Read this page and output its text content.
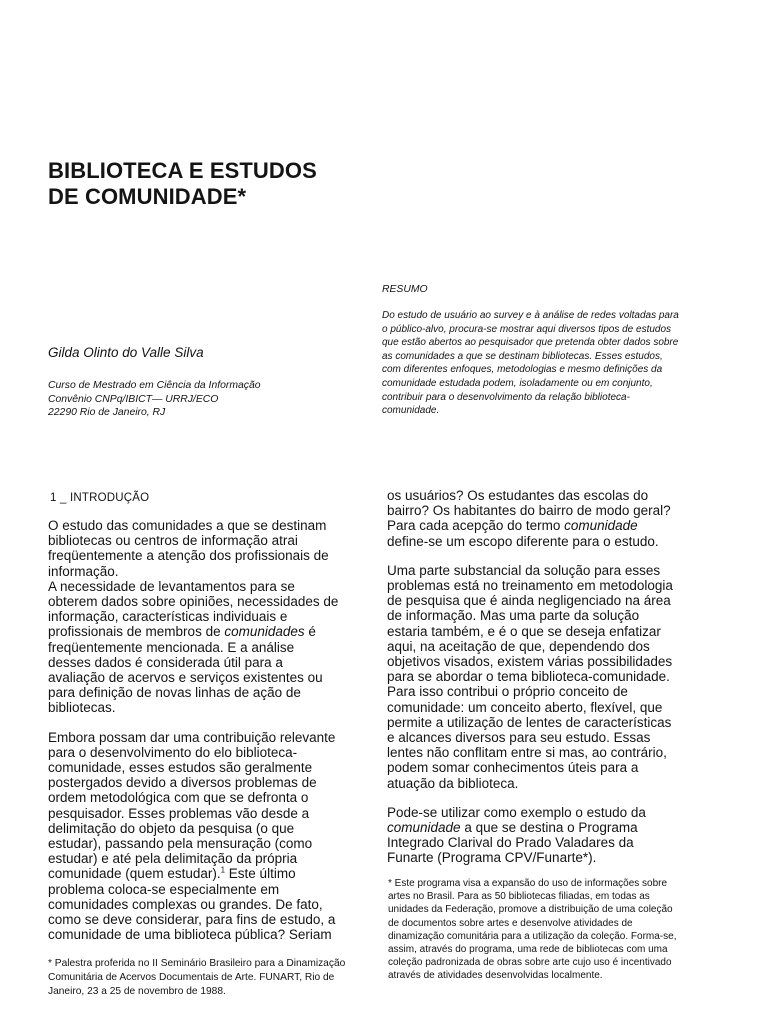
BIBLIOTECA E ESTUDOS
DE COMUNIDADE*
Gilda Olinto do Valle Silva
Curso de Mestrado em Ciência da Informação
Convênio CNPq/IBICT— URRJ/ECO
22290 Rio de Janeiro, RJ
RESUMO
Do estudo de usuário ao survey e à análise de redes voltadas para o público-alvo, procura-se mostrar aqui diversos tipos de estudos que estão abertos ao pesquisador que pretenda obter dados sobre as comunidades a que se destinam bibliotecas. Esses estudos, com diferentes enfoques, metodologias e mesmo definições da comunidade estudada podem, isoladamente ou em conjunto, contribuir para o desenvolvimento da relação biblioteca-comunidade.
1 _ INTRODUÇÃO

O estudo das comunidades a que se destinam bibliotecas ou centros de informação atrai freqüentemente a atenção dos profissionais de informação.

A necessidade de levantamentos para se obterem dados sobre opiniões, necessidades de informação, características individuais e profissionais de membros de comunidades é freqüentemente mencionada. E a análise desses dados é considerada útil para a avaliação de acervos e serviços existentes ou para definição de novas linhas de ação de bibliotecas.

Embora possam dar uma contribuição relevante para o desenvolvimento do elo biblioteca-comunidade, esses estudos são geralmente postergados devido a diversos problemas de ordem metodológica com que se defronta o pesquisador. Esses problemas vão desde a delimitação do objeto da pesquisa (o que estudar), passando pela mensuração (como estudar) e até pela delimitação da própria comunidade (quem estudar).$^1$ Este último problema coloca-se especialmente em comunidades complexas ou grandes. De fato, como se deve considerar, para fins de estudo, a comunidade de uma biblioteca pública? Seriam

os usuários? Os estudantes das escolas do bairro? Os habitantes do bairro de modo geral? Para cada acepção do termo comunidade define-se um escopo diferente para o estudo.

Uma parte substancial da solução para esses problemas está no treinamento em metodologia de pesquisa que é ainda negligenciado na área de informação. Mas uma parte da solução estaria também, e é o que se deseja enfatizar aqui, na aceitação de que, dependendo dos objetivos visados, existem várias possibilidades para se abordar o tema biblioteca-comunidade. Para isso contribui o próprio conceito de comunidade: um conceito aberto, flexível, que permite a utilização de lentes de características e alcances diversos para seu estudo. Essas lentes não conflitam entre si mas, ao contrário, podem somar conhecimentos úteis para a atuação da biblioteca.

Pode-se utilizar como exemplo o estudo da comunidade a que se destina o Programa Integrado Clarival do Prado Valadares da Funarte (Programa CPV/Funarte*).

* Este programa visa a expansão do uso de informações sobre artes no Brasil. Para as 50 bibliotecas filiadas, em todas as unidades da Federação, promove a distribuição de uma coleção de documentos sobre artes e desenvolve atividades de dinamização comunitária para a utilização da coleção. Forma-se, assim, através do programa, uma rede de bibliotecas com uma coleção padronizada de obras sobre arte cujo uso é incentivado através de atividades desenvolvidas localmente.
* Palestra proferida no II Seminário Brasileiro para a Dinamização Comunitária de Acervos Documentais de Arte. FUNART, Rio de Janeiro, 23 a 25 de novembro de 1988.
